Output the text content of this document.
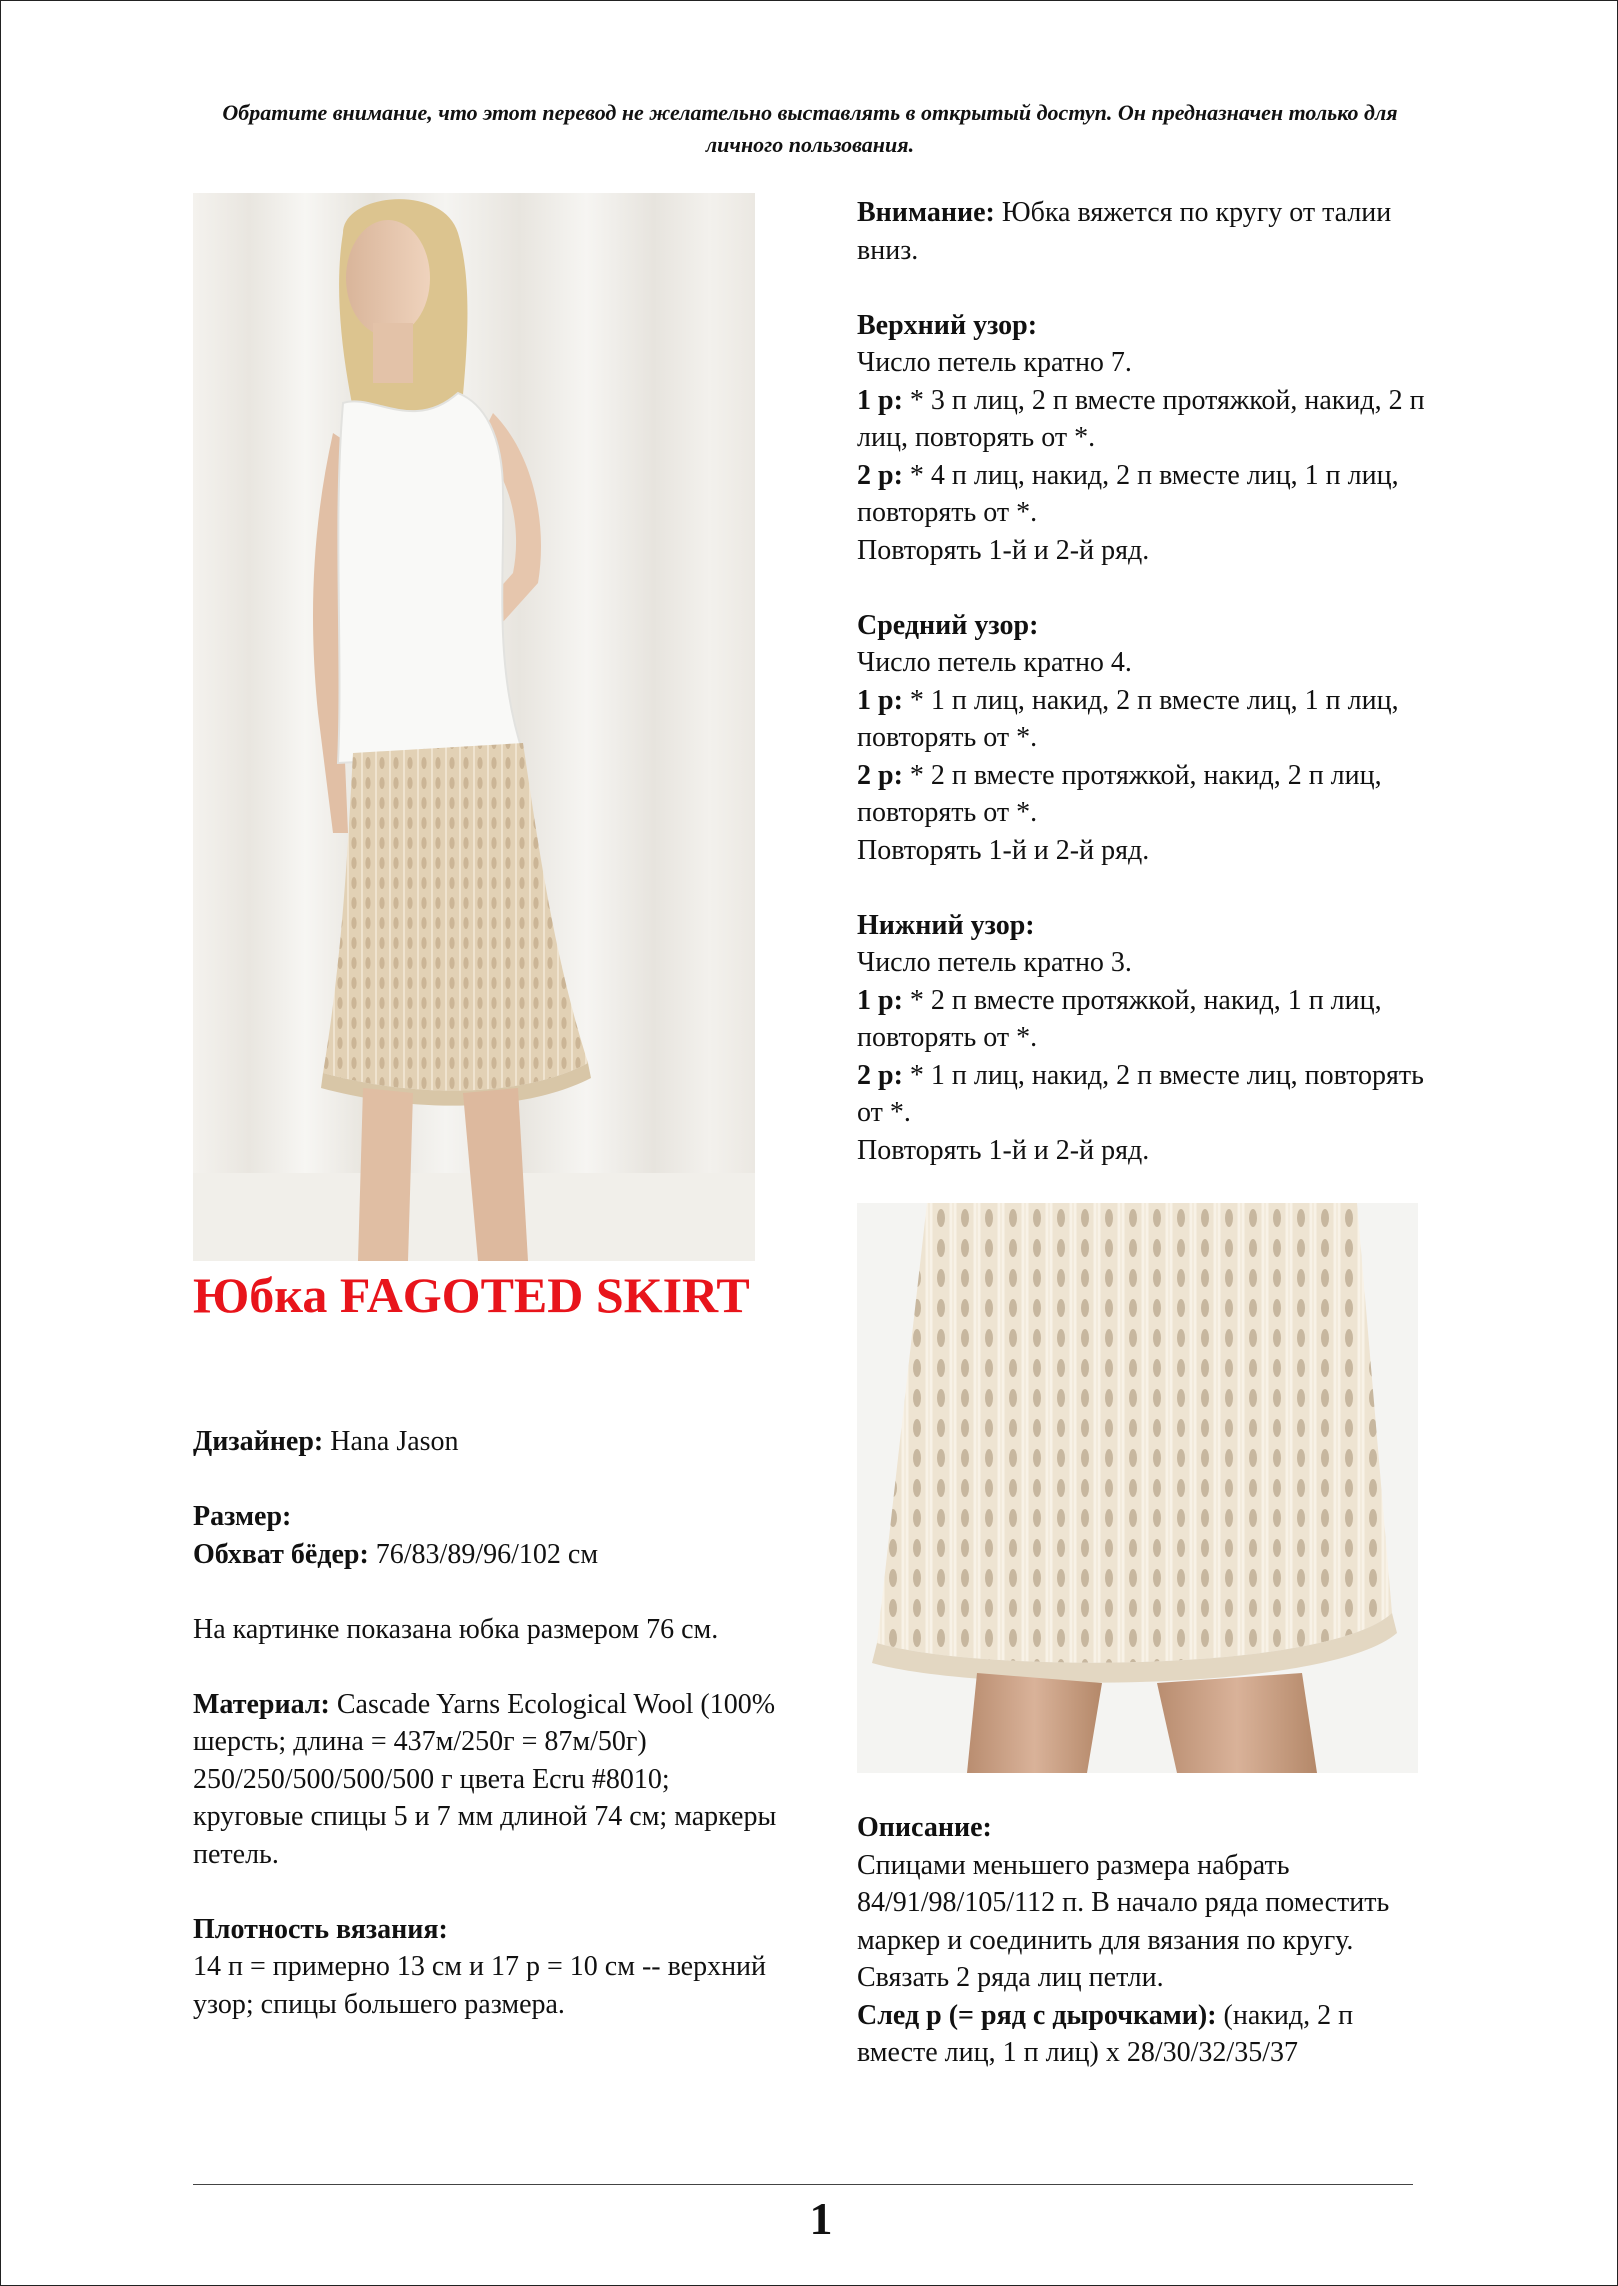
Обратите внимание, что этот перевод не желательно выставлять в открытый доступ. Он предназначен только для личного пользования.
Юбка FAGOTED SKIRT

Дизайнер: Hana Jason

Размер:

Обхват бёдер: 76/83/89/96/102 см

На картинке показана юбка размером 76 см.

Материал: Cascade Yarns Ecological Wool (100% шерсть; длина = 437м/250г = 87м/50г) 250/250/500/500/500 г цвета Ecru #8010; круговые спицы 5 и 7 мм длиной 74 см; маркеры петель.

Плотность вязания:

14 п = примерно 13 см и 17 р = 10 см -- верхний узор; спицы большего размера.

Внимание: Юбка вяжется по кругу от талии вниз.

Верхний узор:

Число петель кратно 7.

1 р: * 3 п лиц, 2 п вместе протяжкой, накид, 2 п лиц, повторять от *.

2 р: * 4 п лиц, накид, 2 п вместе лиц, 1 п лиц, повторять от *.

Повторять 1-й и 2-й ряд.

Средний узор:

Число петель кратно 4.

1 р: * 1 п лиц, накид, 2 п вместе лиц, 1 п лиц, повторять от *.

2 р: * 2 п вместе протяжкой, накид, 2 п лиц, повторять от *.

Повторять 1-й и 2-й ряд.

Нижний узор:

Число петель кратно 3.

1 р: * 2 п вместе протяжкой, накид, 1 п лиц, повторять от *.

2 р: * 1 п лиц, накид, 2 п вместе лиц, повторять от *.

Повторять 1-й и 2-й ряд.

Описание:

Спицами меньшего размера набрать 84/91/98/105/112 п. В начало ряда поместить маркер и соединить для вязания по кругу. Связать 2 ряда лиц петли.

След р (= ряд с дырочками): (накид, 2 п вместе лиц, 1 п лиц) х 28/30/32/35/37

1
